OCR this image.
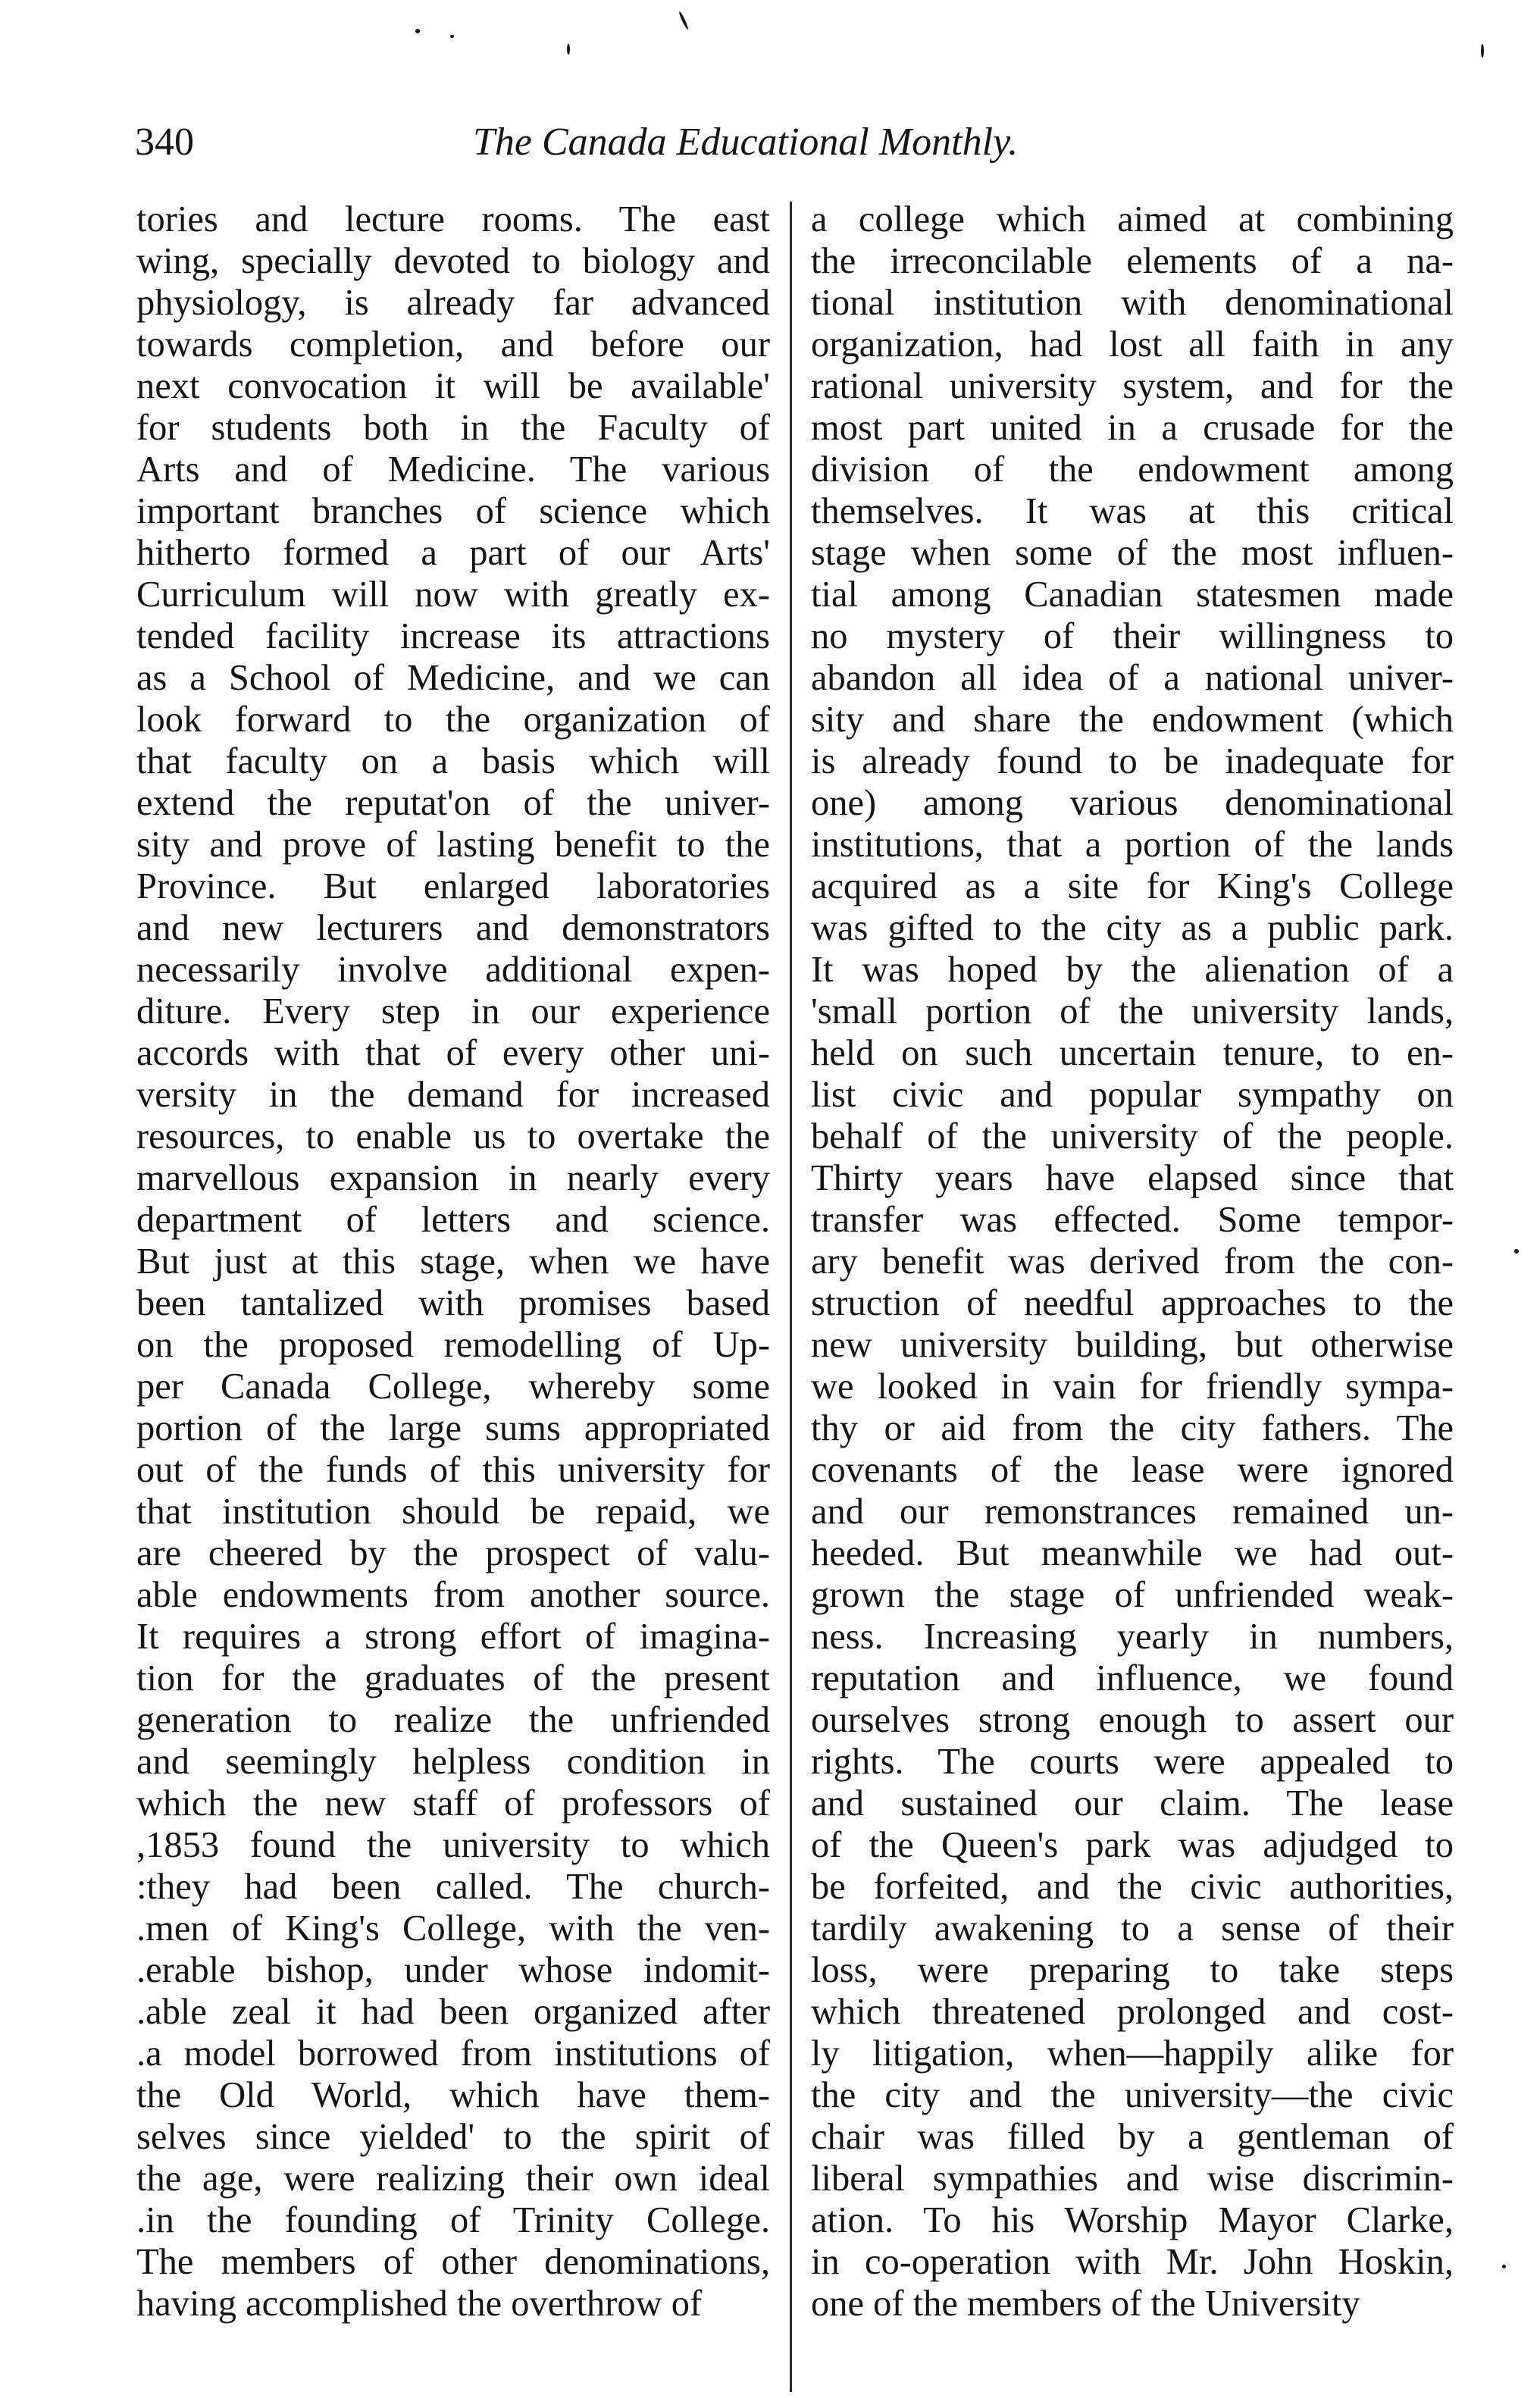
340	The Canada Educational Monthly.
tories and lecture rooms. The east
wing, specially devoted to biology and
physiology, is already far advanced
towards completion, and before our
next convocation it will be available'
for students both in the Faculty of
Arts and of Medicine. The various
important branches of science which
hitherto formed a part of our Arts'
Curriculum will now with greatly ex-
tended facility increase its attractions
as a School of Medicine, and we can
look forward to the organization of
that faculty on a basis which will
extend the reputat'on of the univer-
sity and prove of lasting benefit to the
Province. But enlarged laboratories
and new lecturers and demonstrators
necessarily involve additional expen-
diture. Every step in our experience
accords with that of every other uni-
versity in the demand for increased
resources, to enable us to overtake the
marvellous expansion in nearly every
department of letters and science.
But just at this stage, when we have
been tantalized with promises based
on the proposed remodelling of Up-
per Canada College, whereby some
portion of the large sums appropriated
out of the funds of this university for
that institution should be repaid, we
are cheered by the prospect of valu-
able endowments from another source.
It requires a strong effort of imagina-
tion for the graduates of the present
generation to realize the unfriended
and seemingly helpless condition in
which the new staff of professors of
,1853 found the university to which
:they had been called. The church-
.men of King's College, with the ven-
.erable bishop, under whose indomit-
.able zeal it had been organized after
.a model borrowed from institutions of
the Old World, which have them-
selves since yielded' to the spirit of
the age, were realizing their own ideal
.in the founding of Trinity College.
The members of other denominations,
having accomplished the overthrow of
a college which aimed at combining
the irreconcilable elements of a na-
tional institution with denominational
organization, had lost all faith in any
rational university system, and for the
most part united in a crusade for the
division of the endowment among
themselves. It was at this critical
stage when some of the most influen-
tial among Canadian statesmen made
no mystery of their willingness to
abandon all idea of a national univer-
sity and share the endowment (which
is already found to be inadequate for
one) among various denominational
institutions, that a portion of the lands
acquired as a site for King's College
was gifted to the city as a public park.
It was hoped by the alienation of a
'small portion of the university lands,
held on such uncertain tenure, to en-
list civic and popular sympathy on
behalf of the university of the people.
Thirty years have elapsed since that
transfer was effected. Some tempor-
ary benefit was derived from the con-
struction of needful approaches to the
new university building, but otherwise
we looked in vain for friendly sympa-
thy or aid from the city fathers. The
covenants of the lease were ignored
and our remonstrances remained un-
heeded. But meanwhile we had out-
grown the stage of unfriended weak-
ness. Increasing yearly in numbers,
reputation and influence, we found
ourselves strong enough to assert our
rights. The courts were appealed to
and sustained our claim. The lease
of the Queen's park was adjudged to
be forfeited, and the civic authorities,
tardily awakening to a sense of their
loss, were preparing to take steps
which threatened prolonged and cost-
ly litigation, when—happily alike for
the city and the university—the civic
chair was filled by a gentleman of
liberal sympathies and wise discrimin-
ation. To his Worship Mayor Clarke,
in co-operation with Mr. John Hoskin,
one of the members of the University
